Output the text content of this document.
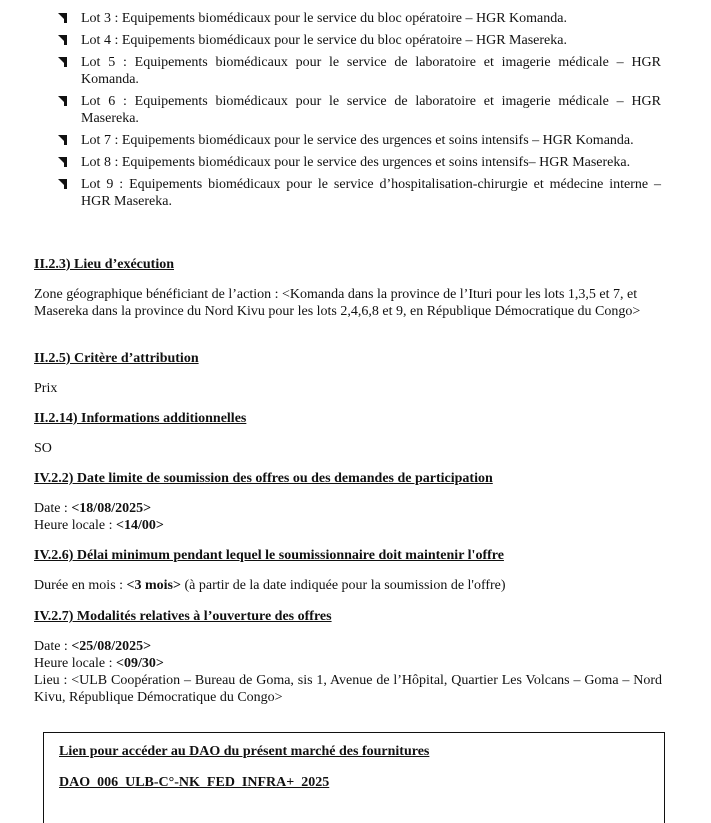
Lot 3 : Equipements biomédicaux pour le service du bloc opératoire – HGR Komanda.
Lot 4 : Equipements biomédicaux pour le service du bloc opératoire – HGR Masereka.
Lot 5 : Equipements biomédicaux pour le service de laboratoire et imagerie médicale – HGR Komanda.
Lot 6 : Equipements biomédicaux pour le service de laboratoire et imagerie médicale – HGR Masereka.
Lot 7 : Equipements biomédicaux pour le service des urgences et soins intensifs – HGR Komanda.
Lot 8 : Equipements biomédicaux pour le service des urgences et soins intensifs– HGR Masereka.
Lot 9 : Equipements biomédicaux pour le service d’hospitalisation-chirurgie et médecine interne – HGR Masereka.
II.2.3) Lieu d’exécution
Zone géographique bénéficiant de l’action : <Komanda dans la province de l’Ituri pour les lots 1,3,5 et 7, et Masereka dans la province du Nord Kivu pour les lots 2,4,6,8 et 9, en République Démocratique du Congo>
II.2.5) Critère d’attribution
Prix
II.2.14) Informations additionnelles
SO
IV.2.2) Date limite de soumission des offres ou des demandes de participation
Date : <18/08/2025>
Heure locale : <14/00>
IV.2.6) Délai minimum pendant lequel le soumissionnaire doit maintenir l'offre
Durée en mois : <3 mois> (à partir de la date indiquée pour la soumission de l'offre)
IV.2.7) Modalités relatives à l’ouverture des offres
Date : <25/08/2025>
Heure locale : <09/30>
Lieu : <ULB Coopération – Bureau de Goma, sis 1, Avenue de l’Hôpital, Quartier Les Volcans – Goma – Nord Kivu, République Démocratique du Congo>
Lien pour accéder au DAO du présent marché des fournitures
DAO_006_ULB-C°-NK_FED_INFRA+_2025
